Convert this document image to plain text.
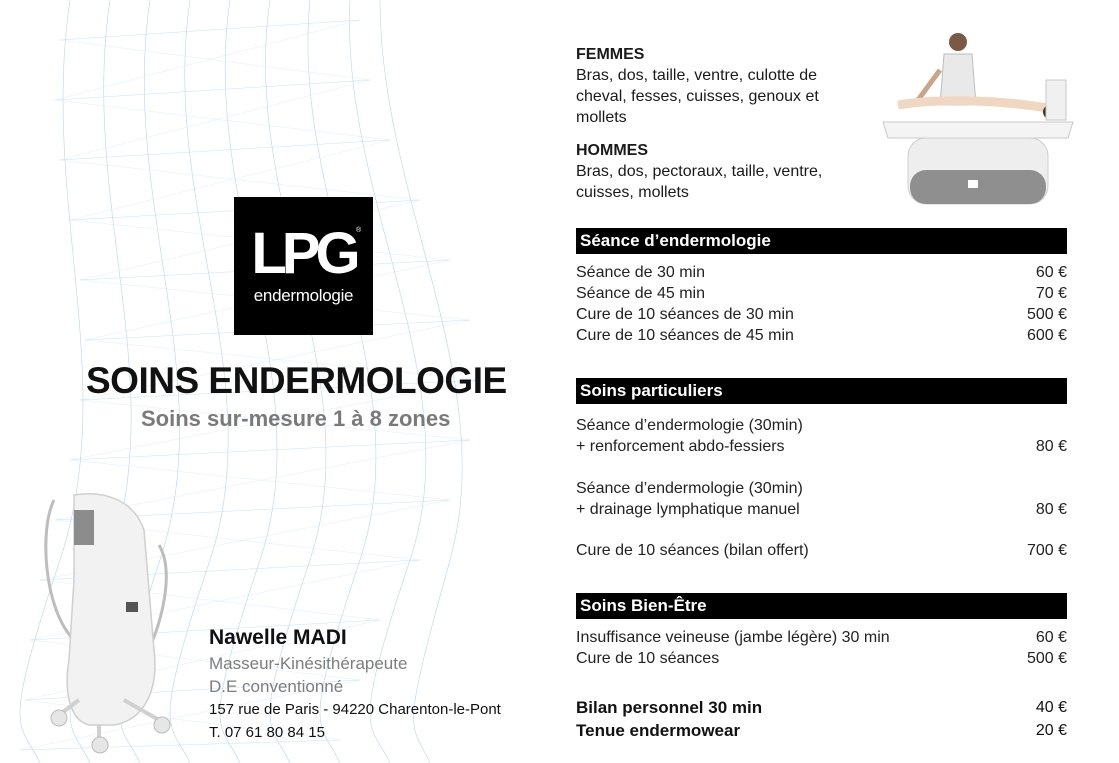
LPG ®
endermologie
SOINS ENDERMOLOGIE
Soins sur-mesure 1 à 8 zones
Nawelle MADI
Masseur-Kinésithérapeute
D.E conventionné
157 rue de Paris - 94220 Charenton-le-Pont
T. 07 61 80 84 15
FEMMES

Bras, dos, taille, ventre, culotte de cheval, fesses, cuisses, genoux et mollets

HOMMES

Bras, dos, pectoraux, taille, ventre, cuisses, mollets

Séance d’endermologie
Séance de 30 min	60 €
Séance de 45 min	70 €
Cure de 10 séances de 30 min	500 €
Cure de 10 séances de 45 min	600 €
Soins particuliers
Séance d’endermologie (30min)
+ renforcement abdo-fessiers	80 €
Séance d’endermologie (30min)
+ drainage lymphatique manuel	80 €
Cure de 10 séances (bilan offert)	700 €
Soins Bien-Être
Insuffisance veineuse (jambe légère) 30 min	60 €
Cure de 10 séances	500 €
Bilan personnel 30 min	40 €
Tenue endermowear	20 €
